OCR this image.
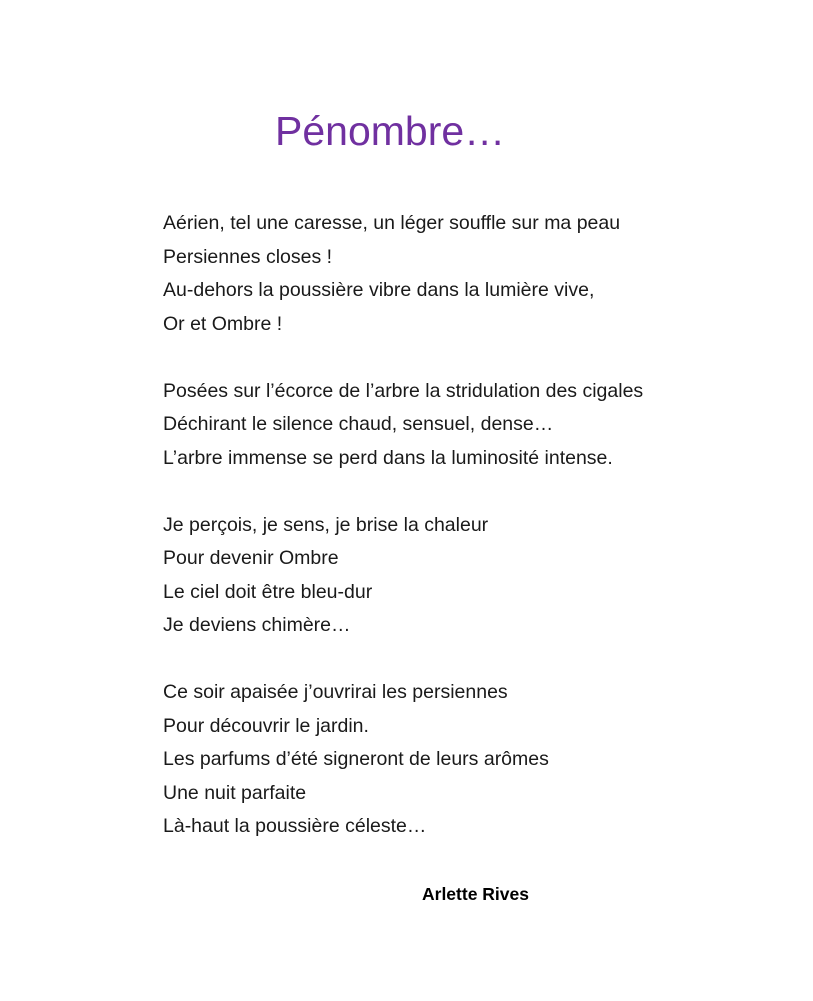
Pénombre…
Aérien, tel une caresse, un léger souffle sur ma peau
Persiennes closes !
Au-dehors la poussière vibre dans la lumière vive,
Or et Ombre !
Posées sur l’écorce de l’arbre la stridulation des cigales
Déchirant le silence chaud, sensuel, dense…
L’arbre immense se perd dans la luminosité intense.
Je perçois, je sens, je brise la chaleur
Pour devenir Ombre
Le ciel doit être bleu-dur
Je deviens chimère…
Ce soir apaisée j’ouvrirai les persiennes
Pour découvrir le jardin.
Les parfums d’été signeront de leurs arômes
Une nuit parfaite
Là-haut la poussière céleste…
Arlette Rives
